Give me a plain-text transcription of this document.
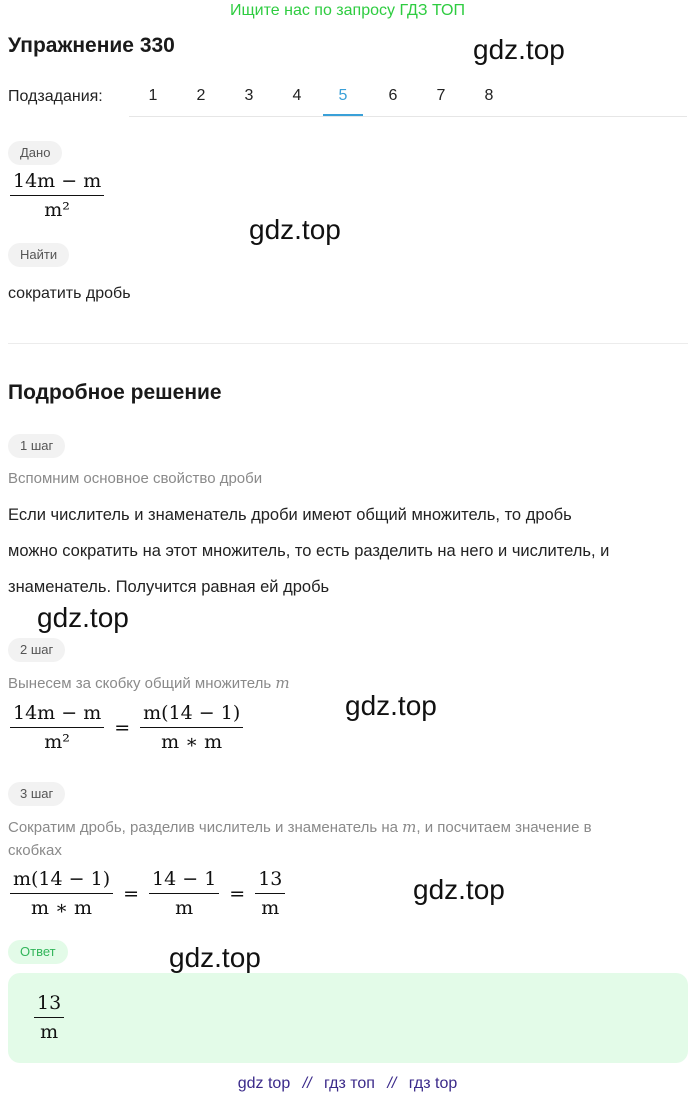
Ищите нас по запросу ГДЗ ТОП
Упражнение 330	gdz.top
Подзадания:	1	2	3	4	5	6	7	8
Дано
$\frac{14m - m}{\text{m²}}$
gdz.top
Найти
сократить дробь
Подробное решение
1 шаг
Вспомним основное свойство дроби
Если числитель и знаменатель дроби имеют общий множитель, то дробь
можно сократить на этот множитель, то есть разделить на него и числитель, и
знаменатель. Получится равная ей дробь
gdz.top
2 шаг
Вынесем за скобку общий множитель m
$\frac{14m - m}{\text{m²}} = \frac{m(14 - 1)}{m ∗ m}$	gdz.top
3 шаг
Сократим дробь, разделив числитель и знаменатель на m, и посчитаем значение в
скобках
$\frac{m(14 - 1)}{m ∗ m} = \frac{14 - 1}{m} = \frac{13}{m}$	gdz.top
Ответ	gdz.top
$\frac{13}{m}$
gdz top // гдз топ // гдз top
